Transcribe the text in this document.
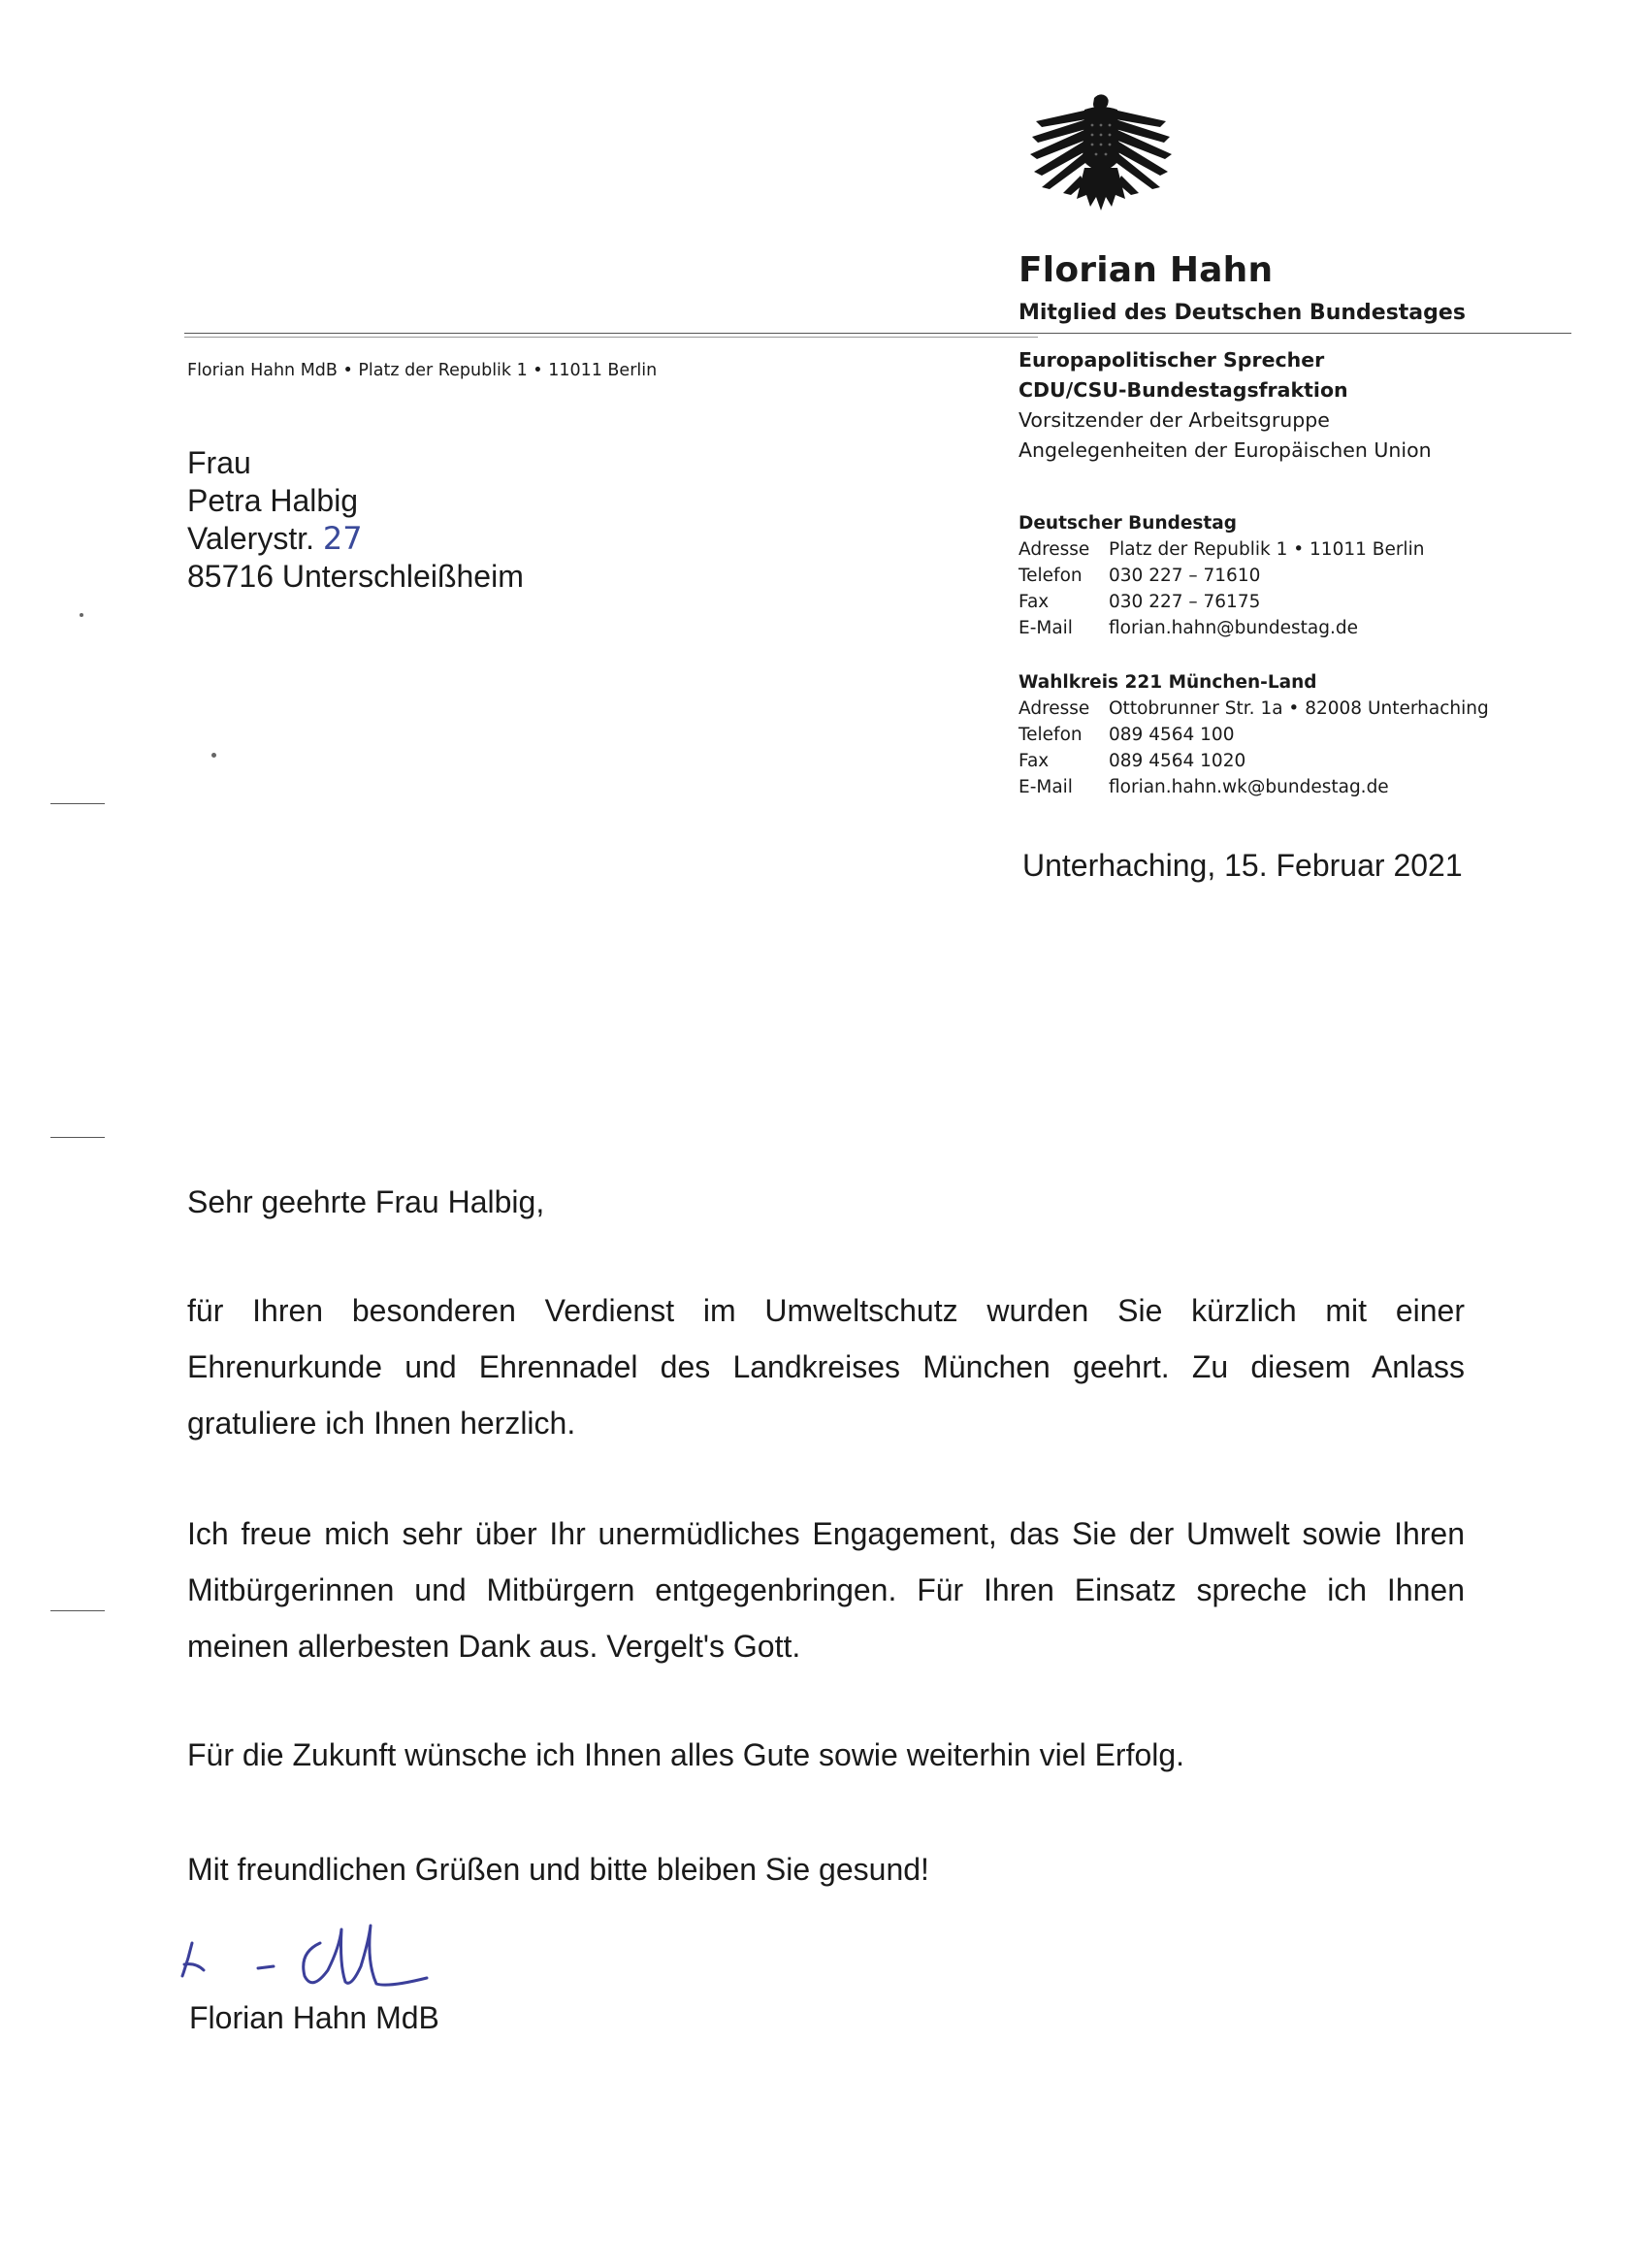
Florian Hahn
Mitglied des Deutschen Bundestages
Florian Hahn MdB • Platz der Republik 1 • 11011 Berlin	Europapolitischer Sprecher
CDU/CSU-Bundestagsfraktion
Vorsitzender der Arbeitsgruppe
Angelegenheiten der Europäischen Union
Deutscher Bundestag
Adresse	Platz der Republik 1 • 11011 Berlin
Telefon	030 227 – 71610
Fax	030 227 – 76175
E-Mail	florian.hahn@bundestag.de
Wahlkreis 221 München-Land
Adresse	Ottobrunner Str. 1a • 82008 Unterhaching
Telefon	089 4564 100
Fax	089 4564 1020
E-Mail	florian.hahn.wk@bundestag.de
Frau
Petra Halbig
Valerystr. 27
85716 Unterschleißheim
Unterhaching, 15. Februar 2021
Sehr geehrte Frau Halbig,
für Ihren besonderen Verdienst im Umweltschutz wurden Sie kürzlich mit einer Ehrenurkunde und Ehrennadel des Landkreises München geehrt. Zu diesem Anlass gratuliere ich Ihnen herzlich.
Ich freue mich sehr über Ihr unermüdliches Engagement, das Sie der Umwelt sowie Ihren Mitbürgerinnen und Mitbürgern entgegenbringen. Für Ihren Einsatz spreche ich Ihnen meinen allerbesten Dank aus. Vergelt's Gott.
Für die Zukunft wünsche ich Ihnen alles Gute sowie weiterhin viel Erfolg.
Mit freundlichen Grüßen und bitte bleiben Sie gesund!
Florian Hahn MdB
